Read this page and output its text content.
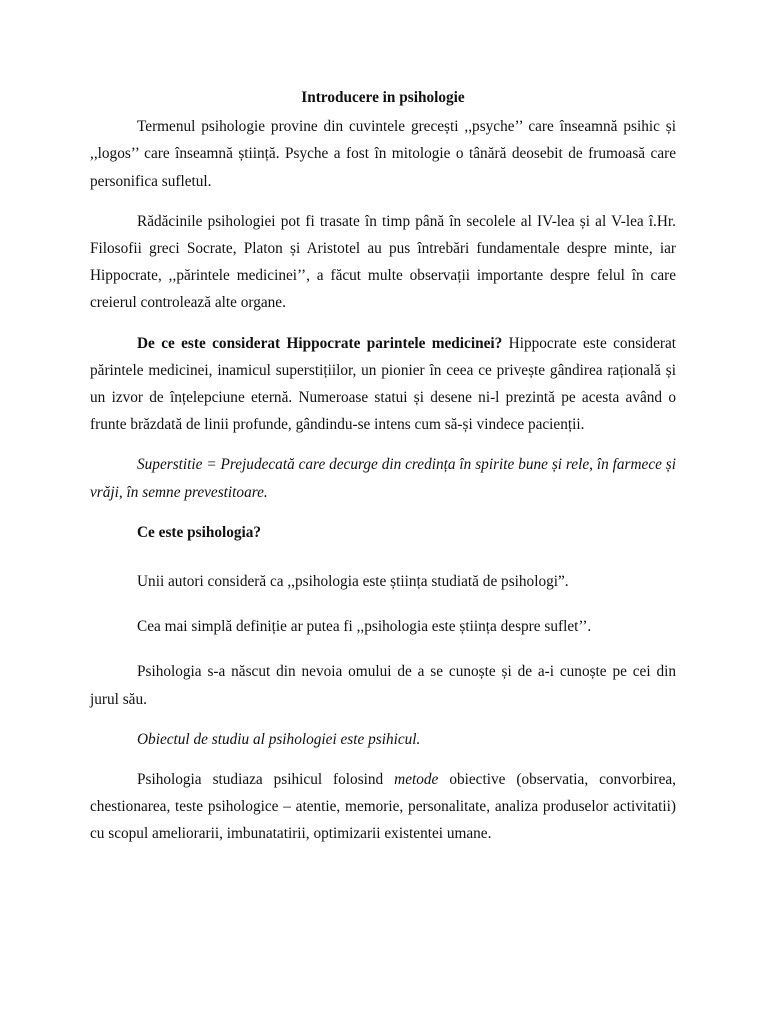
Introducere in psihologie

Termenul psihologie provine din cuvintele grecești ,,psyche’’ care înseamnă psihic și ,,logos’’ care înseamnă știință. Psyche a fost în mitologie o tânără deosebit de frumoasă care personifica sufletul.

Rădăcinile psihologiei pot fi trasate în timp până în secolele al IV-lea și al V-lea î.Hr. Filosofii greci Socrate, Platon și Aristotel au pus întrebări fundamentale despre minte, iar Hippocrate, ,,părintele medicinei’’, a făcut multe observații importante despre felul în care creierul controlează alte organe.

De ce este considerat Hippocrate parintele medicinei? Hippocrate este considerat părintele medicinei, inamicul superstițiilor, un pionier în ceea ce privește gândirea rațională și un izvor de înțelepciune eternă. Numeroase statui și desene ni-l prezintă pe acesta având o frunte brăzdată de linii profunde, gândindu-se intens cum să-și vindece pacienții.

Superstitie = Prejudecată care decurge din credința în spirite bune și rele, în farmece și vrăji, în semne prevestitoare.

Ce este psihologia?

Unii autori consideră ca ,,psihologia este știința studiată de psihologi”.

Cea mai simplă definiție ar putea fi ,,psihologia este știința despre suflet’’.

Psihologia s-a născut din nevoia omului de a se cunoște și de a-i cunoște pe cei din jurul său.

Obiectul de studiu al psihologiei este psihicul.

Psihologia studiaza psihicul folosind metode obiective (observatia, convorbirea, chestionarea, teste psihologice – atentie, memorie, personalitate, analiza produselor activitatii) cu scopul ameliorarii, imbunatatirii, optimizarii existentei umane.
